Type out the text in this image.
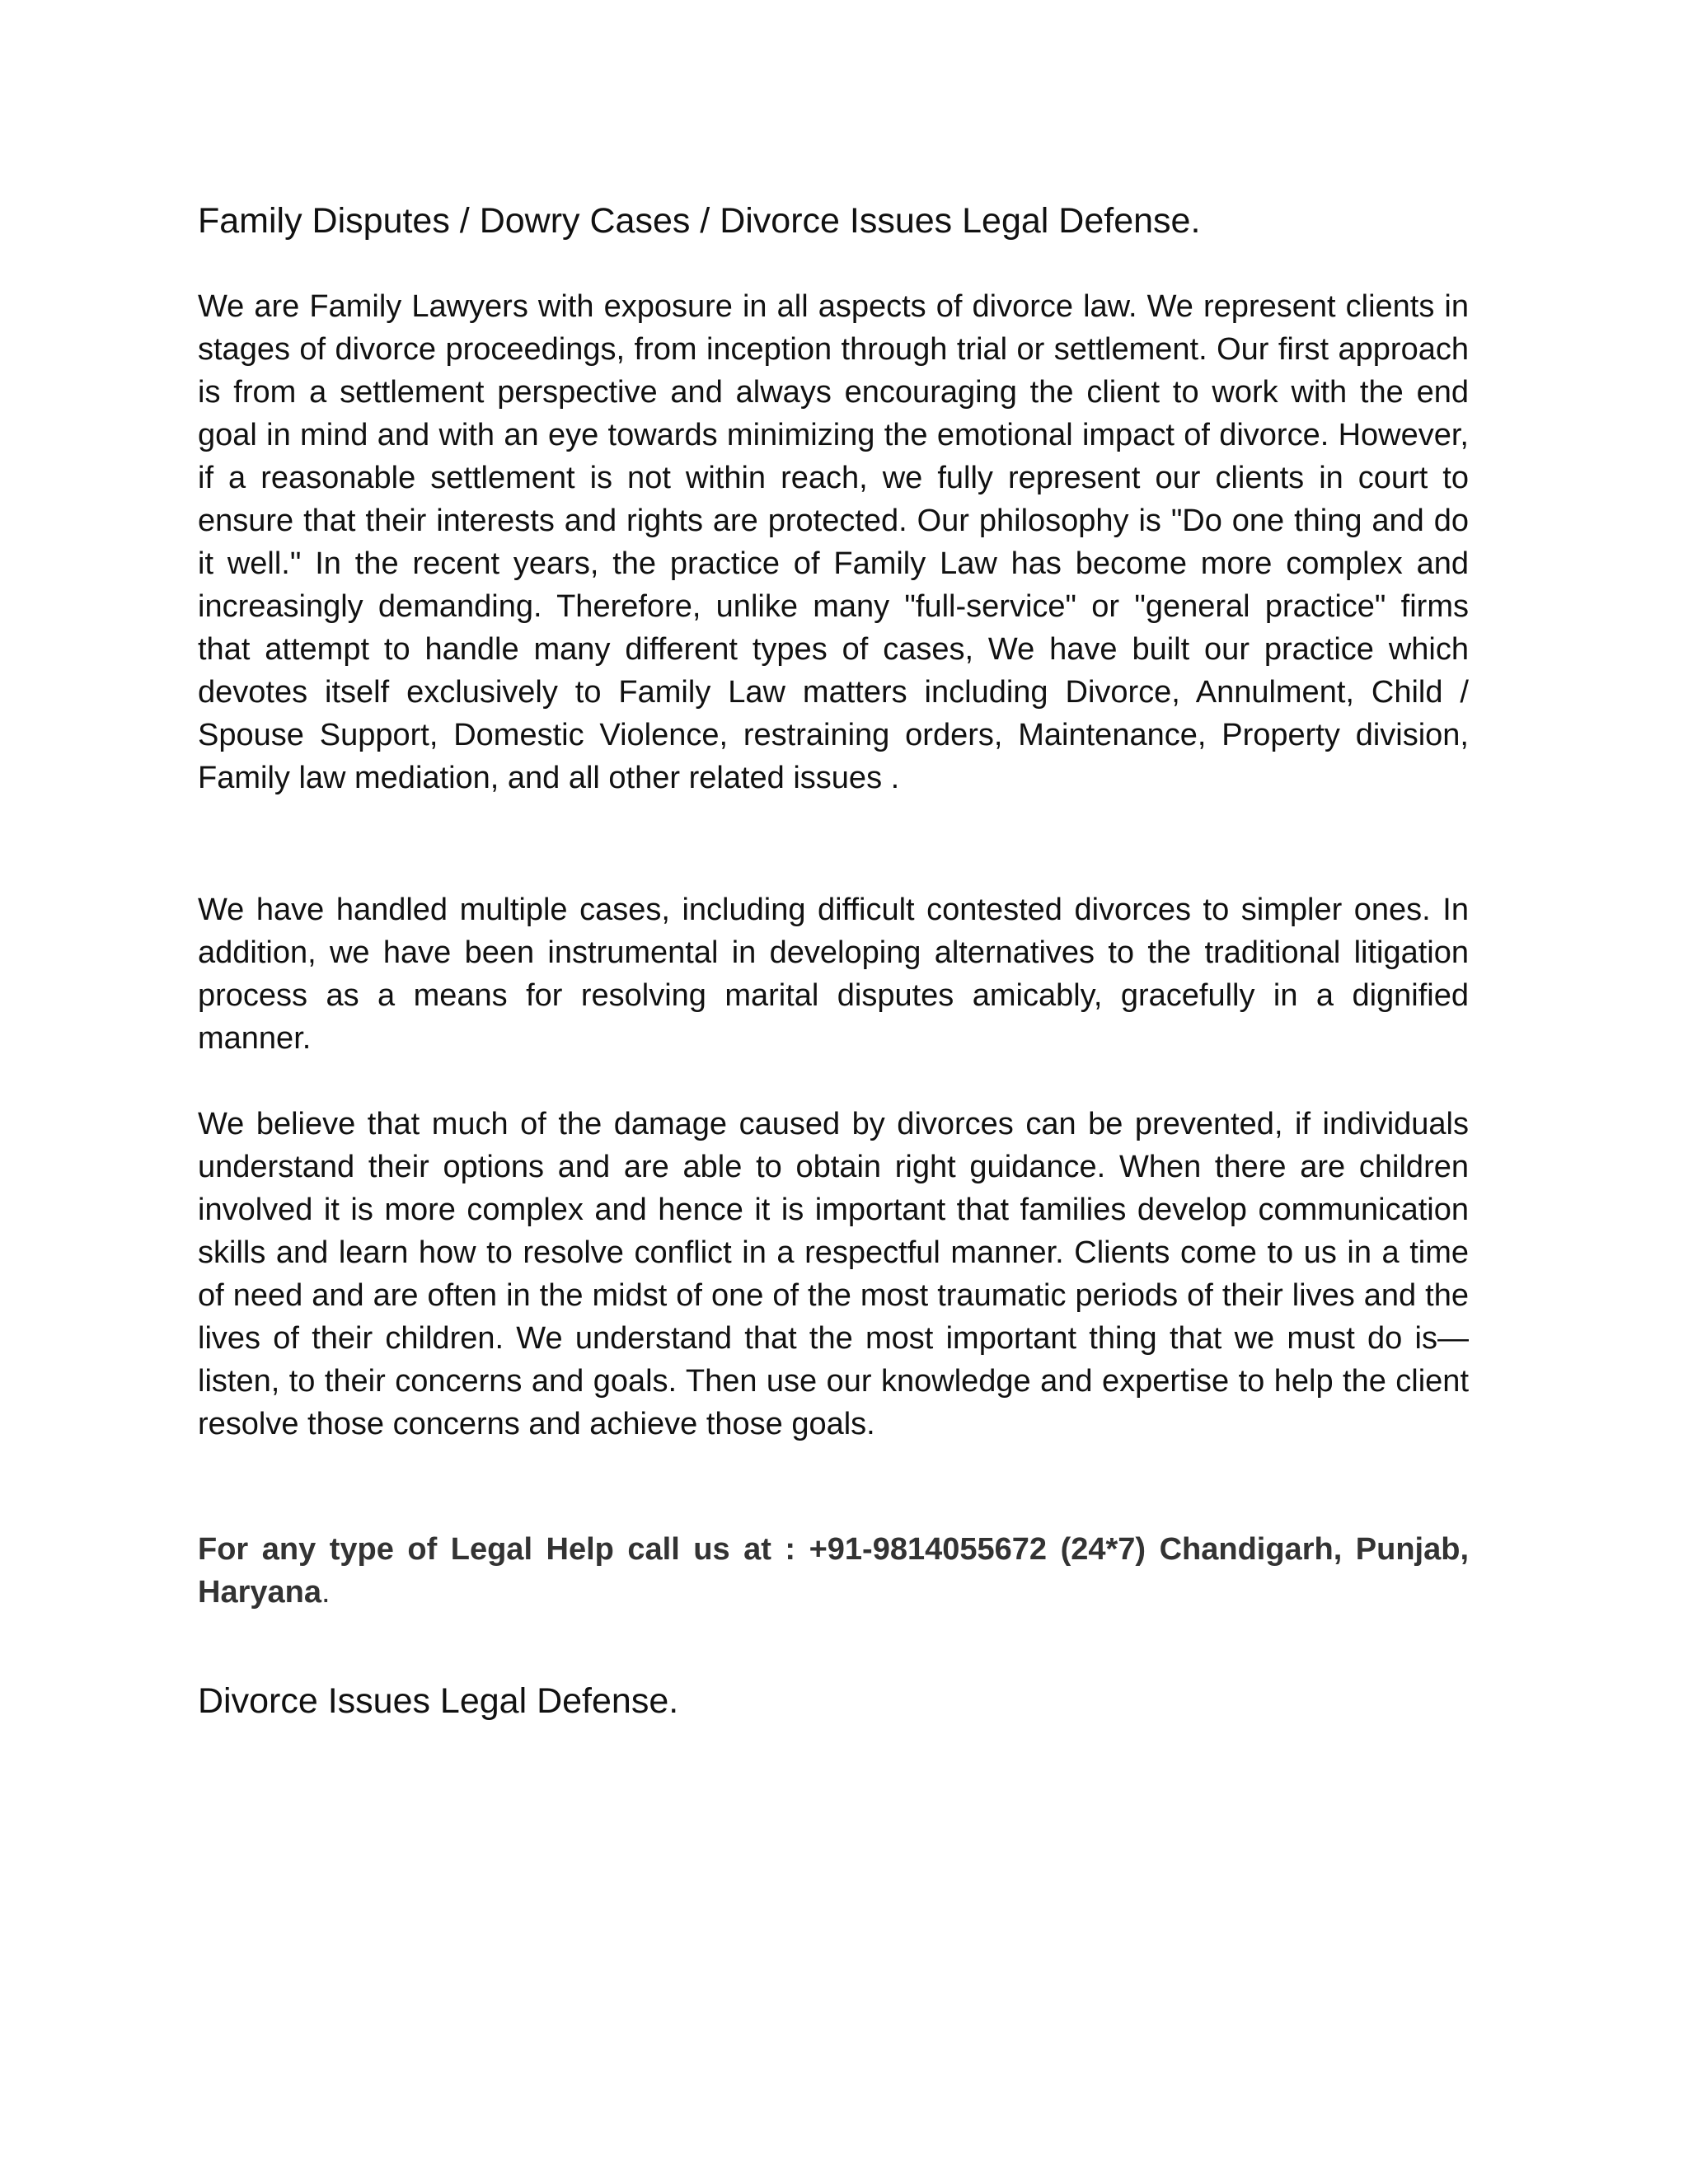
Family Disputes / Dowry Cases / Divorce Issues Legal Defense.

We are Family Lawyers with exposure in all aspects of divorce law. We represent clients in stages of divorce proceedings, from inception through trial or settlement. Our first approach is from a settlement perspective and always encouraging the client to work with the end goal in mind and with an eye towards minimizing the emotional impact of divorce. However, if a reasonable settlement is not within reach, we fully represent our clients in court to ensure that their interests and rights are protected. Our philosophy is "Do one thing and do it well." In the recent years, the practice of Family Law has become more complex and increasingly demanding. Therefore, unlike many "full-service" or "general practice" firms that attempt to handle many different types of cases, We have built our practice which devotes itself exclusively to Family Law matters including Divorce, Annulment, Child / Spouse Support, Domestic Violence, restraining orders, Maintenance, Property division, Family law mediation, and all other related issues .

We have handled multiple cases, including difficult contested divorces to simpler ones. In addition, we have been instrumental in developing alternatives to the traditional litigation process as a means for resolving marital disputes amicably, gracefully in a dignified manner.

We believe that much of the damage caused by divorces can be prevented, if individuals understand their options and are able to obtain right guidance. When there are children involved it is more complex and hence it is important that families develop communication skills and learn how to resolve conflict in a respectful manner. Clients come to us in a time of need and are often in the midst of one of the most traumatic periods of their lives and the lives of their children. We understand that the most important thing that we must do is—listen, to their concerns and goals. Then use our knowledge and expertise to help the client resolve those concerns and achieve those goals.

For any type of Legal Help call us at : +91-9814055672 (24*7) Chandigarh, Punjab, Haryana.

Divorce Issues Legal Defense.
